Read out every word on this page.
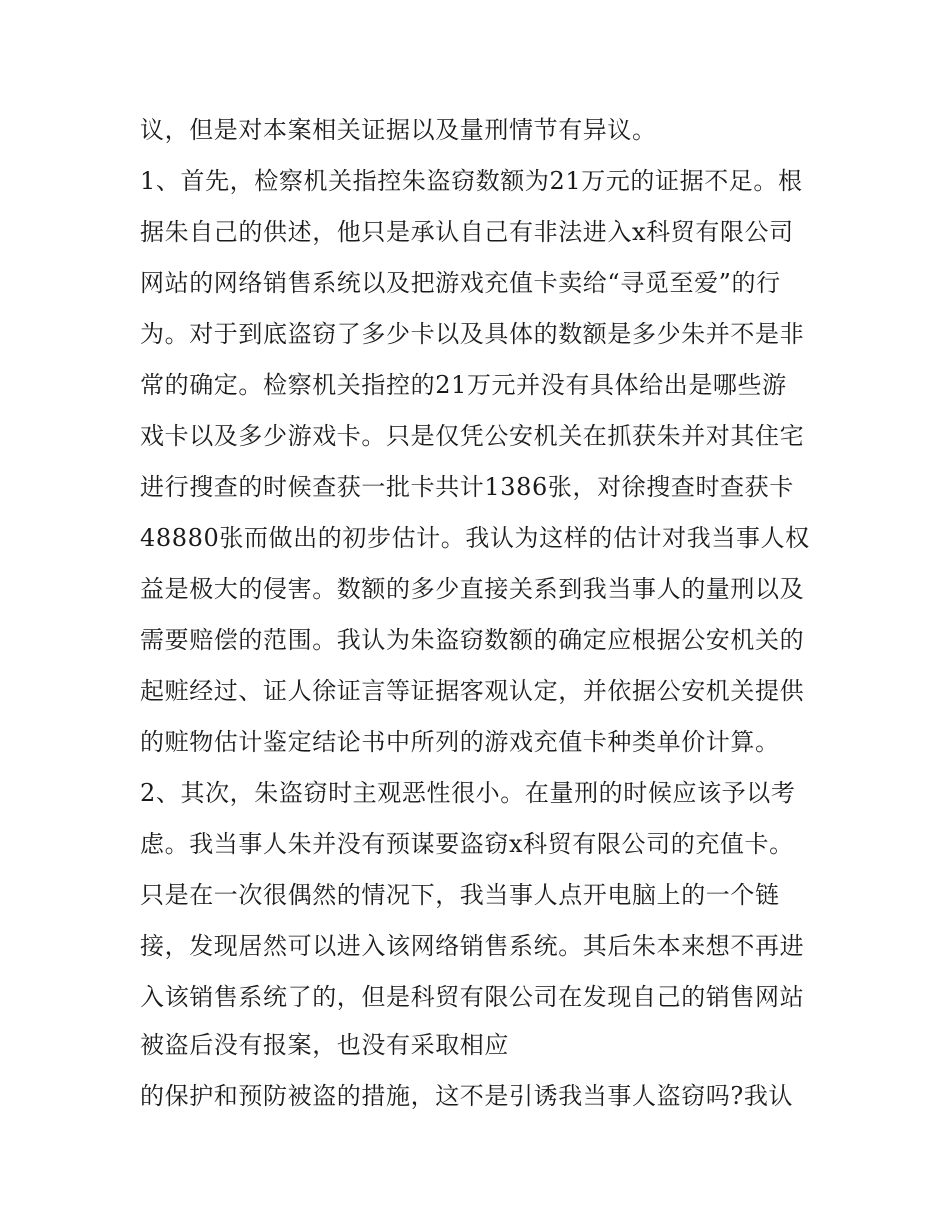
议，但是对本案相关证据以及量刑情节有异议。
1、首先，检察机关指控朱盗窃数额为21万元的证据不足。根
据朱自己的供述，他只是承认自己有非法进入x科贸有限公司
网站的网络销售系统以及把游戏充值卡卖给“寻觅至爱”的行
为。对于到底盗窃了多少卡以及具体的数额是多少朱并不是非
常的确定。检察机关指控的21万元并没有具体给出是哪些游
戏卡以及多少游戏卡。只是仅凭公安机关在抓获朱并对其住宅
进行搜查的时候查获一批卡共计1386张，对徐搜查时查获卡
48880张而做出的初步估计。我认为这样的估计对我当事人权
益是极大的侵害。数额的多少直接关系到我当事人的量刑以及
需要赔偿的范围。我认为朱盗窃数额的确定应根据公安机关的
起赃经过、证人徐证言等证据客观认定，并依据公安机关提供
的赃物估计鉴定结论书中所列的游戏充值卡种类单价计算。
2、其次，朱盗窃时主观恶性很小。在量刑的时候应该予以考
虑。我当事人朱并没有预谋要盗窃x科贸有限公司的充值卡。
只是在一次很偶然的情况下，我当事人点开电脑上的一个链
接，发现居然可以进入该网络销售系统。其后朱本来想不再进
入该销售系统了的，但是科贸有限公司在发现自己的销售网站
被盗后没有报案，也没有采取相应
的保护和预防被盗的措施，这不是引诱我当事人盗窃吗?我认
